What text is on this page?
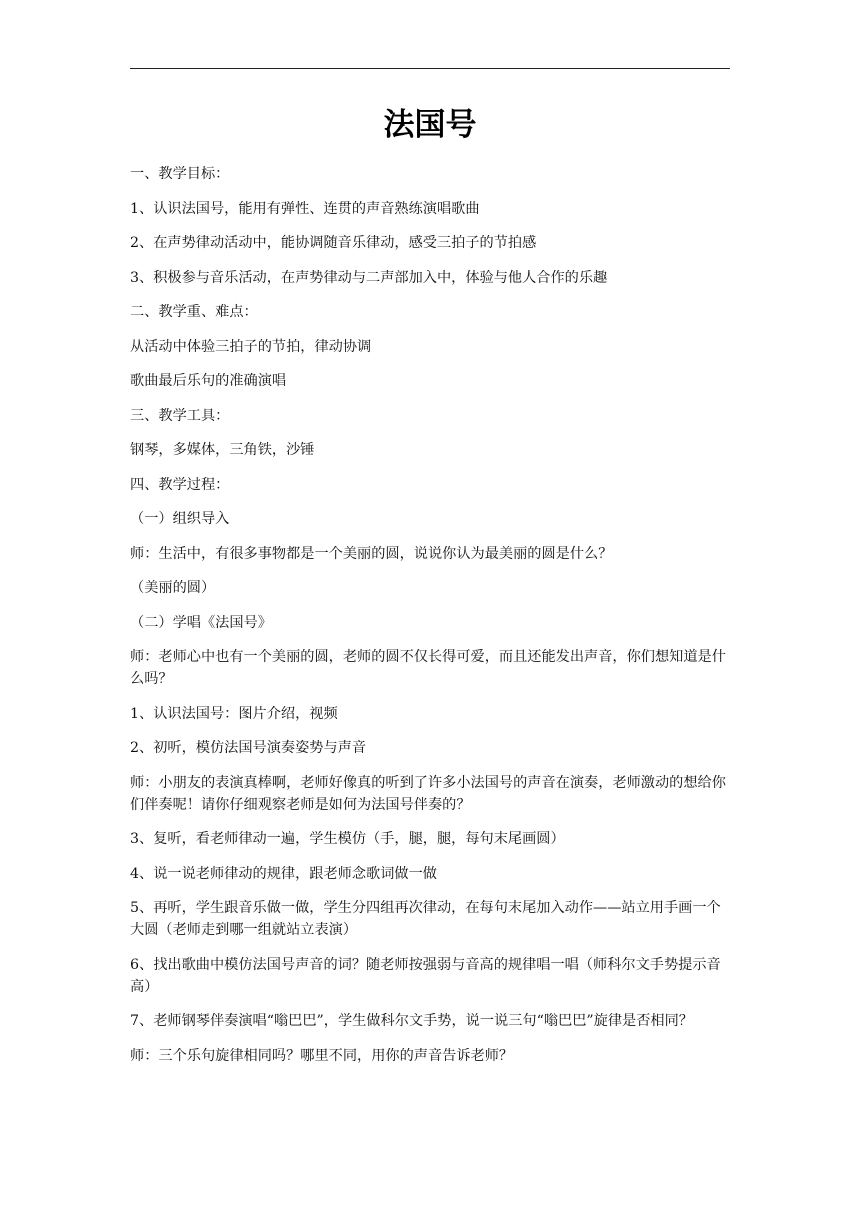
法国号

一、教学目标：

1、认识法国号，能用有弹性、连贯的声音熟练演唱歌曲

2、在声势律动活动中，能协调随音乐律动，感受三拍子的节拍感

3、积极参与音乐活动，在声势律动与二声部加入中，体验与他人合作的乐趣

二、教学重、难点：

从活动中体验三拍子的节拍，律动协调

歌曲最后乐句的准确演唱

三、教学工具：

钢琴，多媒体，三角铁，沙锤

四、教学过程：

（一）组织导入

师：生活中，有很多事物都是一个美丽的圆，说说你认为最美丽的圆是什么？

（美丽的圆）

（二）学唱《法国号》

师：老师心中也有一个美丽的圆，老师的圆不仅长得可爱，而且还能发出声音，你们想知道是什么吗？

1、认识法国号：图片介绍，视频

2、初听，模仿法国号演奏姿势与声音

师：小朋友的表演真棒啊，老师好像真的听到了许多小法国号的声音在演奏，老师激动的想给你们伴奏呢！请你仔细观察老师是如何为法国号伴奏的？

3、复听，看老师律动一遍，学生模仿（手，腿，腿，每句末尾画圆）

4、说一说老师律动的规律，跟老师念歌词做一做

5、再听，学生跟音乐做一做，学生分四组再次律动，在每句末尾加入动作——站立用手画一个大圆（老师走到哪一组就站立表演）

6、找出歌曲中模仿法国号声音的词？随老师按强弱与音高的规律唱一唱（师科尔文手势提示音高）

7、老师钢琴伴奏演唱“嗡巴巴”，学生做科尔文手势，说一说三句“嗡巴巴”旋律是否相同？

师：三个乐句旋律相同吗？哪里不同，用你的声音告诉老师？
